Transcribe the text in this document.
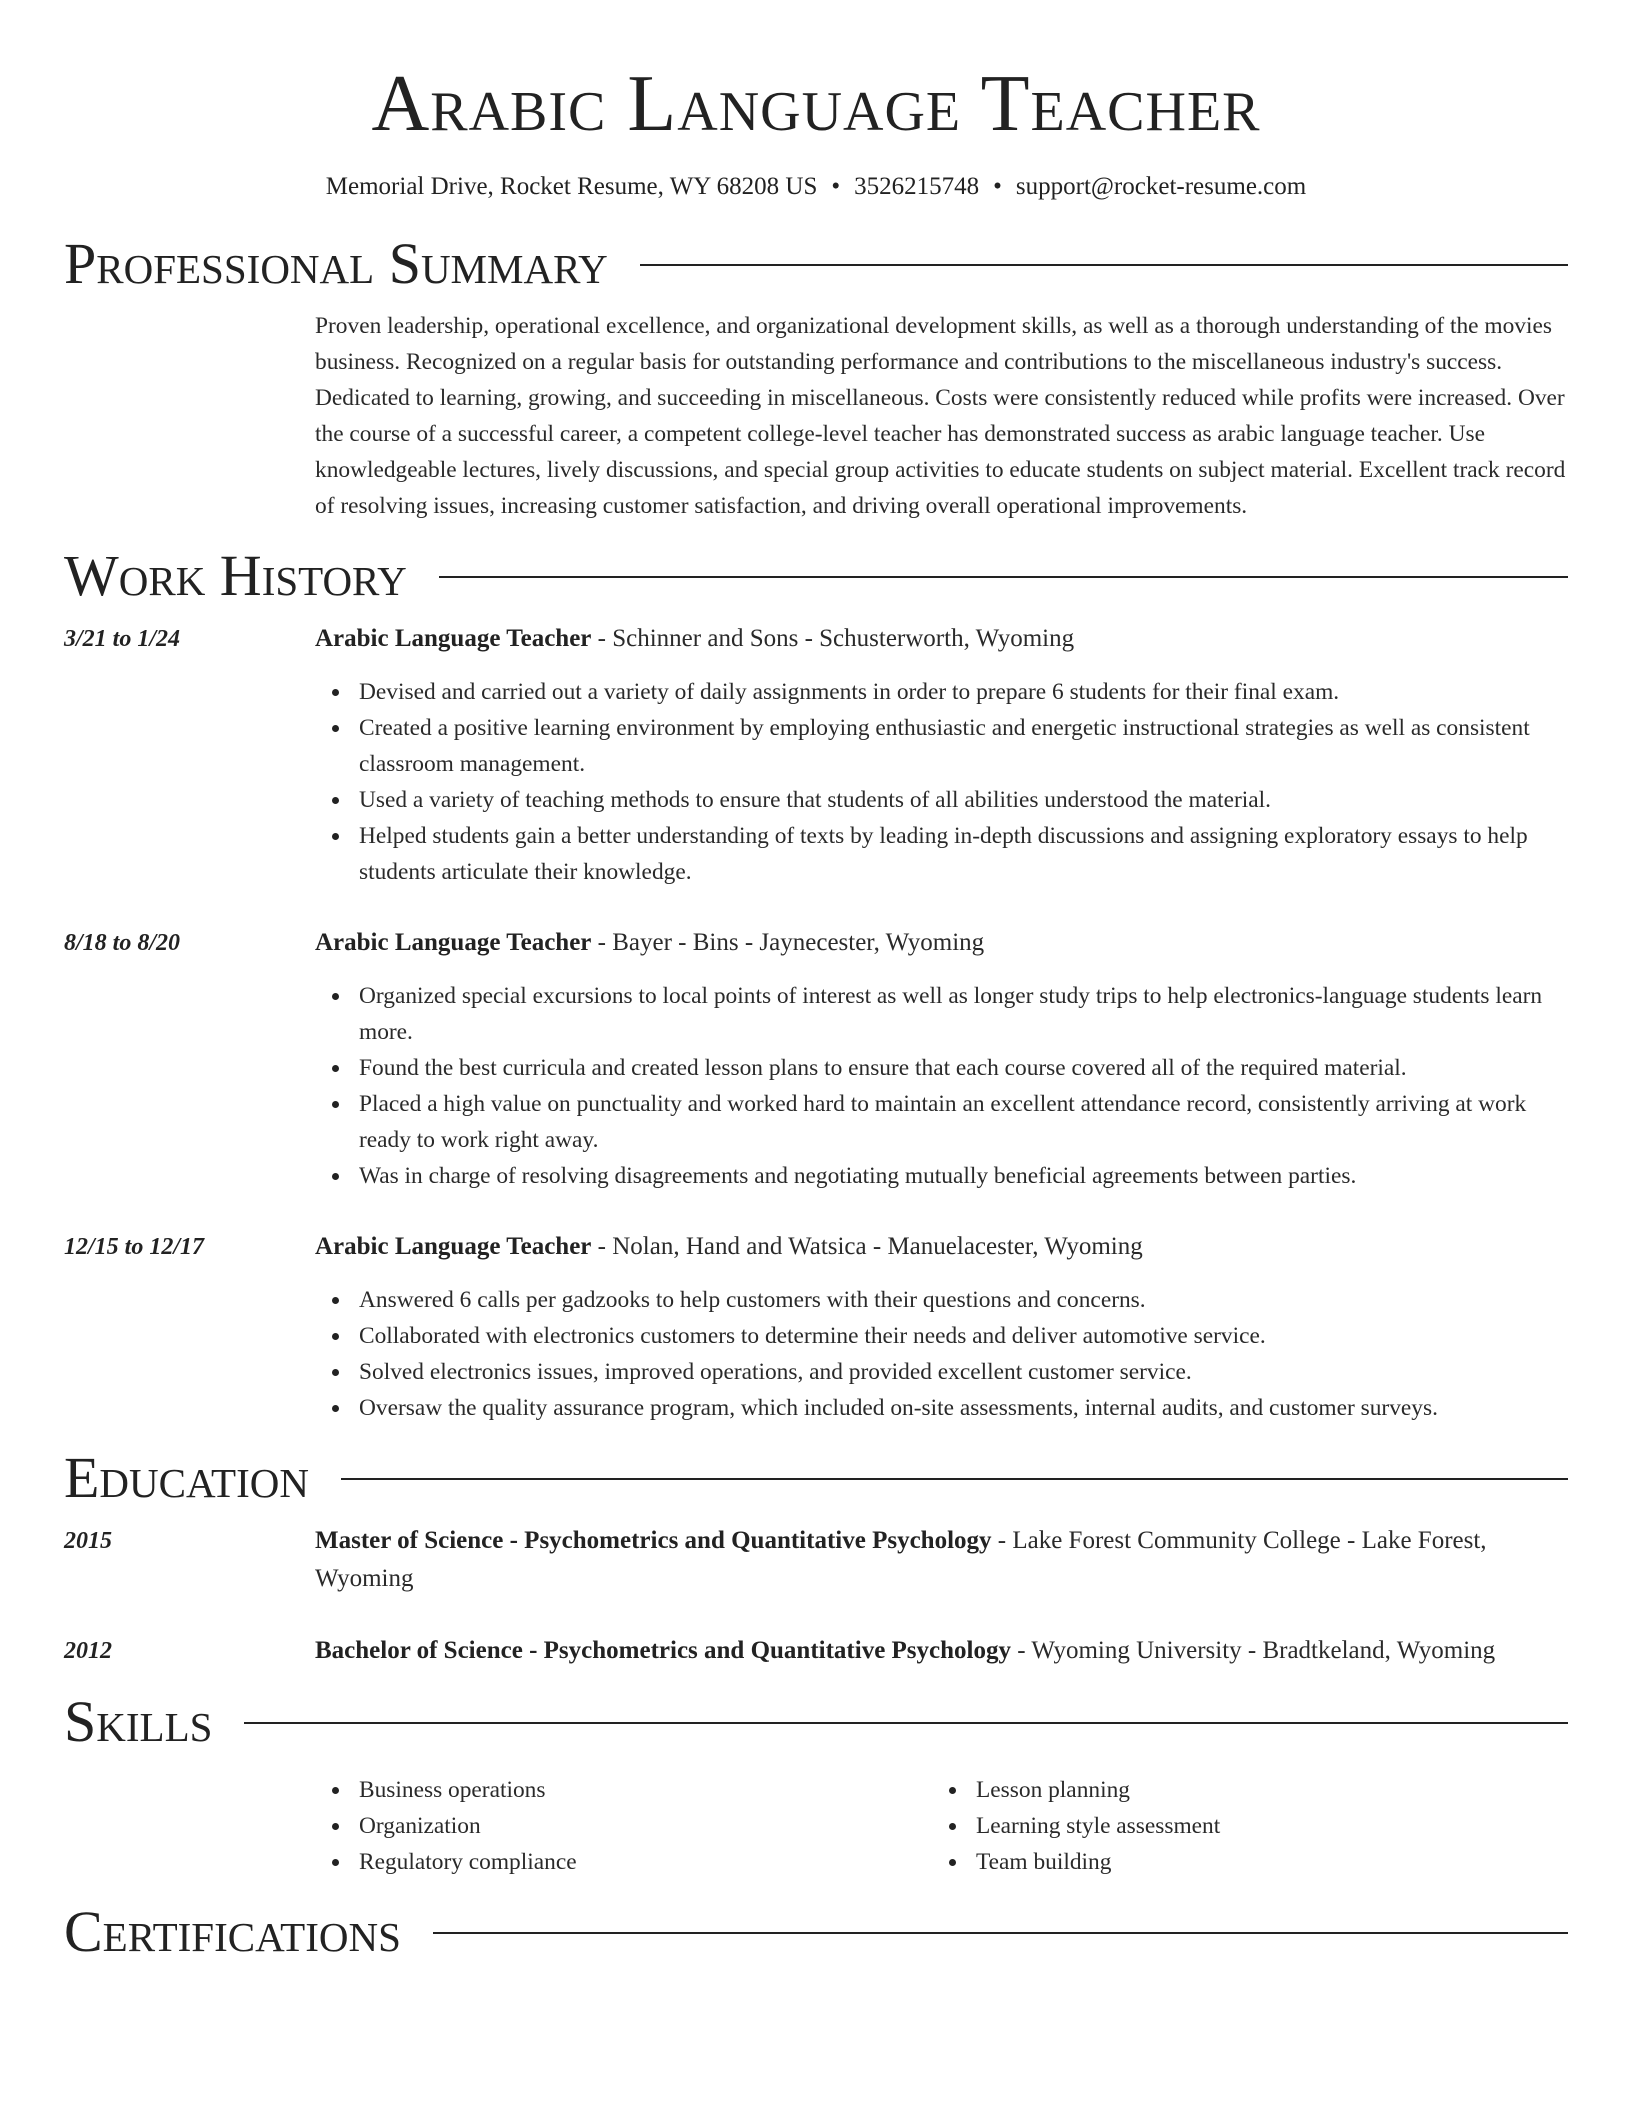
Arabic Language Teacher
Memorial Drive, Rocket Resume, WY 68208 US • 3526215748 • support@rocket-resume.com
Professional Summary
Proven leadership, operational excellence, and organizational development skills, as well as a thorough understanding of the movies business. Recognized on a regular basis for outstanding performance and contributions to the miscellaneous industry's success. Dedicated to learning, growing, and succeeding in miscellaneous. Costs were consistently reduced while profits were increased. Over the course of a successful career, a competent college-level teacher has demonstrated success as arabic language teacher. Use knowledgeable lectures, lively discussions, and special group activities to educate students on subject material. Excellent track record of resolving issues, increasing customer satisfaction, and driving overall operational improvements.
Work History
3/21 to 1/24	Arabic Language Teacher - Schinner and Sons - Schusterworth, Wyoming
Devised and carried out a variety of daily assignments in order to prepare 6 students for their final exam.
Created a positive learning environment by employing enthusiastic and energetic instructional strategies as well as consistent classroom management.
Used a variety of teaching methods to ensure that students of all abilities understood the material.
Helped students gain a better understanding of texts by leading in-depth discussions and assigning exploratory essays to help students articulate their knowledge.
8/18 to 8/20	Arabic Language Teacher - Bayer - Bins - Jaynecester, Wyoming
Organized special excursions to local points of interest as well as longer study trips to help electronics-language students learn more.
Found the best curricula and created lesson plans to ensure that each course covered all of the required material.
Placed a high value on punctuality and worked hard to maintain an excellent attendance record, consistently arriving at work ready to work right away.
Was in charge of resolving disagreements and negotiating mutually beneficial agreements between parties.
12/15 to 12/17	Arabic Language Teacher - Nolan, Hand and Watsica - Manuelacester, Wyoming
Answered 6 calls per gadzooks to help customers with their questions and concerns.
Collaborated with electronics customers to determine their needs and deliver automotive service.
Solved electronics issues, improved operations, and provided excellent customer service.
Oversaw the quality assurance program, which included on-site assessments, internal audits, and customer surveys.
Education
2015	Master of Science - Psychometrics and Quantitative Psychology - Lake Forest Community College - Lake Forest, Wyoming
2012	Bachelor of Science - Psychometrics and Quantitative Psychology - Wyoming University - Bradtkeland, Wyoming
Skills
Business operations
Organization
Regulatory compliance
Lesson planning
Learning style assessment
Team building
Certifications
